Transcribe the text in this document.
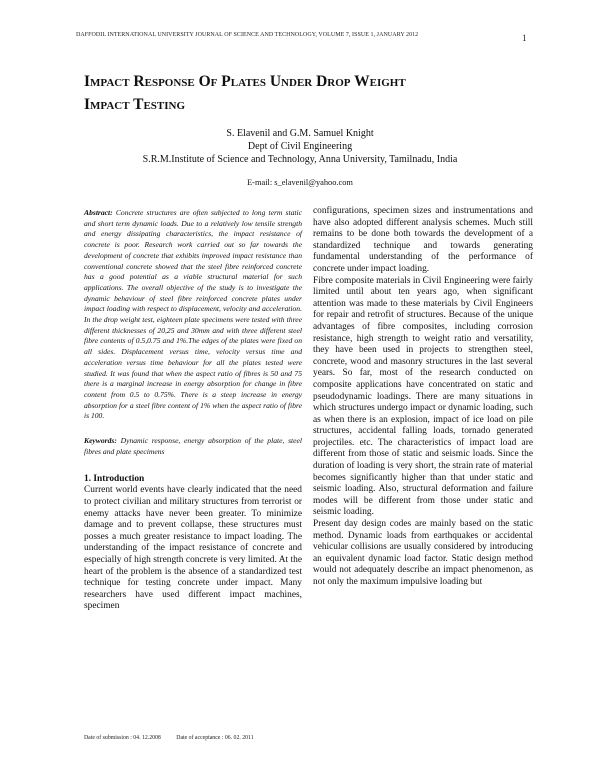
DAFFODIL INTERNATIONAL UNIVERSITY JOURNAL OF SCIENCE AND TECHNOLOGY, VOLUME 7, ISSUE 1, JANUARY 2012	1
Impact Response Of Plates Under Drop Weight
Impact Testing
S. Elavenil and G.M. Samuel Knight
Dept of Civil Engineering
S.R.M.Institute of Science and Technology, Anna University, Tamilnadu, India
E-mail: s_elavenil@yahoo.com

Abstract: Concrete structures are often subjected to long term static and short term dynamic loads. Due to a relatively low tensile strength and energy dissipating characteristics, the impact resistance of concrete is poor. Research work carried out so far towards the development of concrete that exhibits improved impact resistance than conventional concrete showed that the steel fibre reinforced concrete has a good potential as a viable structural material for such applications. The overall objective of the study is to investigate the dynamic behaviour of steel fibre reinforced concrete plates under impact loading with respect to displacement, velocity and acceleration. In the drop weight test, eighteen plate specimens were tested with three different thicknesses of 20,25 and 30mm and with three different steel fibre contents of 0.5,0.75 and 1%.The edges of the plates were fixed on all sides. Displacement versus time, velocity versus time and acceleration versus time behaviour for all the plates tested were studied. It was found that when the aspect ratio of fibres is 50 and 75 there is a marginal increase in energy absorption for change in fibre content from 0.5 to 0.75%. There is a steep increase in energy absorption for a steel fibre content of 1% when the aspect ratio of fibre is 100.

Keywords: Dynamic response, energy absorption of the plate, steel fibres and plate specimens

1. Introduction

Current world events have clearly indicated that the need to protect civilian and military structures from terrorist or enemy attacks have never been greater. To minimize damage and to prevent collapse, these structures must posses a much greater resistance to impact loading. The understanding of the impact resistance of concrete and especially of high strength concrete is very limited. At the heart of the problem is the absence of a standardized test technique for testing concrete under impact. Many researchers have used different impact machines, specimen

configurations, specimen sizes and instrumentations and have also adopted different analysis schemes. Much still remains to be done both towards the development of a standardized technique and towards generating fundamental understanding of the performance of concrete under impact loading.

Fibre composite materials in Civil Engineering were fairly limited until about ten years ago, when significant attention was made to these materials by Civil Engineers for repair and retrofit of structures. Because of the unique advantages of fibre composites, including corrosion resistance, high strength to weight ratio and versatility, they have been used in projects to strengthen steel, concrete, wood and masonry structures in the last several years. So far, most of the research conducted on composite applications have concentrated on static and pseudodynamic loadings. There are many situations in which structures undergo impact or dynamic loading, such as when there is an explosion, impact of ice load on pile structures, accidental falling loads, tornado generated projectiles. etc. The characteristics of impact load are different from those of static and seismic loads. Since the duration of loading is very short, the strain rate of material becomes significantly higher than that under static and seismic loading. Also, structural deformation and failure modes will be different from those under static and seismic loading.

Present day design codes are mainly based on the static method. Dynamic loads from earthquakes or accidental vehicular collisions are usually considered by introducing an equivalent dynamic load factor. Static design method would not adequately describe an impact phenomenon, as not only the maximum impulsive loading but

Date of submission : 04. 12.2008	Date of acceptance : 06. 02. 2011
